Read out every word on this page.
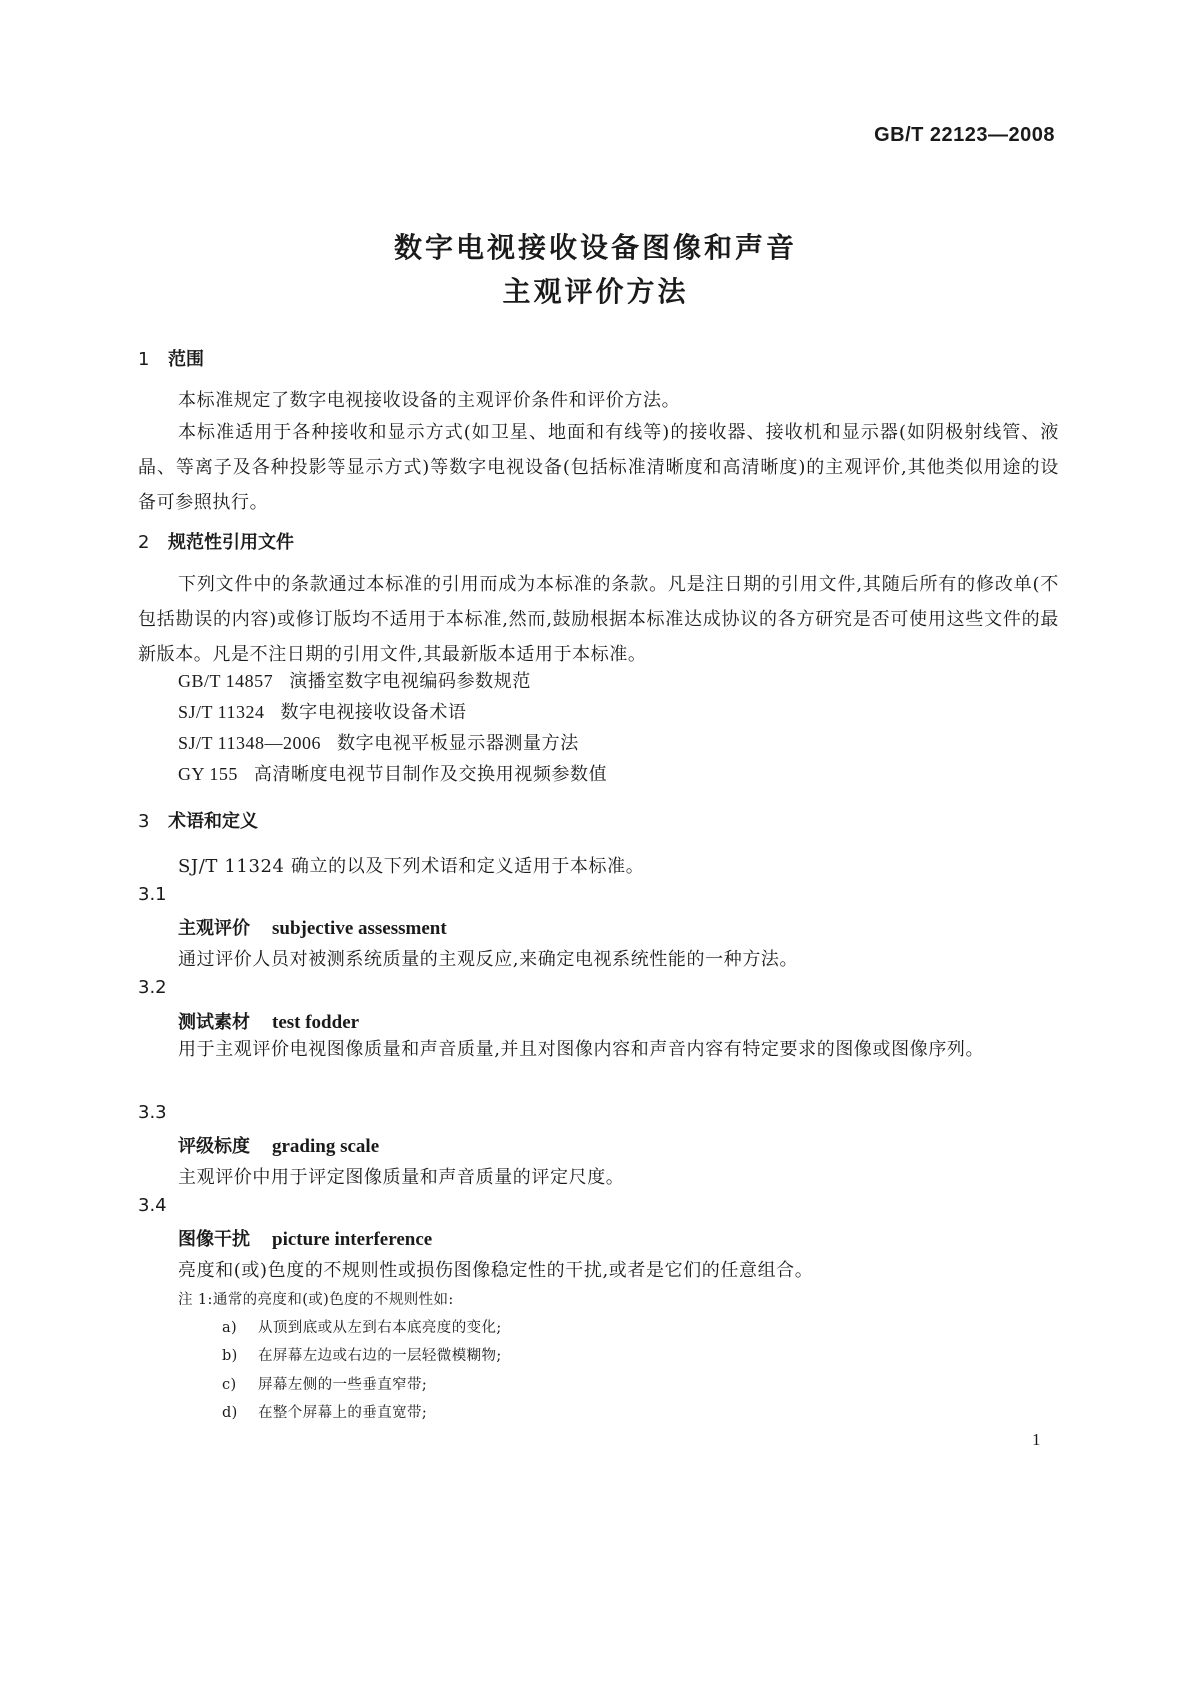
GB/T 22123—2008
数字电视接收设备图像和声音
主观评价方法
1 范围
本标准规定了数字电视接收设备的主观评价条件和评价方法。
本标准适用于各种接收和显示方式(如卫星、地面和有线等)的接收器、接收机和显示器(如阴极射线管、液晶、等离子及各种投影等显示方式)等数字电视设备(包括标准清晰度和高清晰度)的主观评价,其他类似用途的设备可参照执行。
2 规范性引用文件
下列文件中的条款通过本标准的引用而成为本标准的条款。凡是注日期的引用文件,其随后所有的修改单(不包括勘误的内容)或修订版均不适用于本标准,然而,鼓励根据本标准达成协议的各方研究是否可使用这些文件的最新版本。凡是不注日期的引用文件,其最新版本适用于本标准。
GB/T 14857 演播室数字电视编码参数规范
SJ/T 11324 数字电视接收设备术语
SJ/T 11348—2006 数字电视平板显示器测量方法
GY 155 高清晰度电视节目制作及交换用视频参数值
3 术语和定义
SJ/T 11324 确立的以及下列术语和定义适用于本标准。
3.1
主观评价 subjective assessment
通过评价人员对被测系统质量的主观反应,来确定电视系统性能的一种方法。
3.2
测试素材 test fodder
用于主观评价电视图像质量和声音质量,并且对图像内容和声音内容有特定要求的图像或图像序列。
3.3
评级标度 grading scale
主观评价中用于评定图像质量和声音质量的评定尺度。
3.4
图像干扰 picture interference
亮度和(或)色度的不规则性或损伤图像稳定性的干扰,或者是它们的任意组合。
注 1:通常的亮度和(或)色度的不规则性如:
a) 从顶到底或从左到右本底亮度的变化;
b) 在屏幕左边或右边的一层轻微模糊物;
c) 屏幕左侧的一些垂直窄带;
d) 在整个屏幕上的垂直宽带;
1
